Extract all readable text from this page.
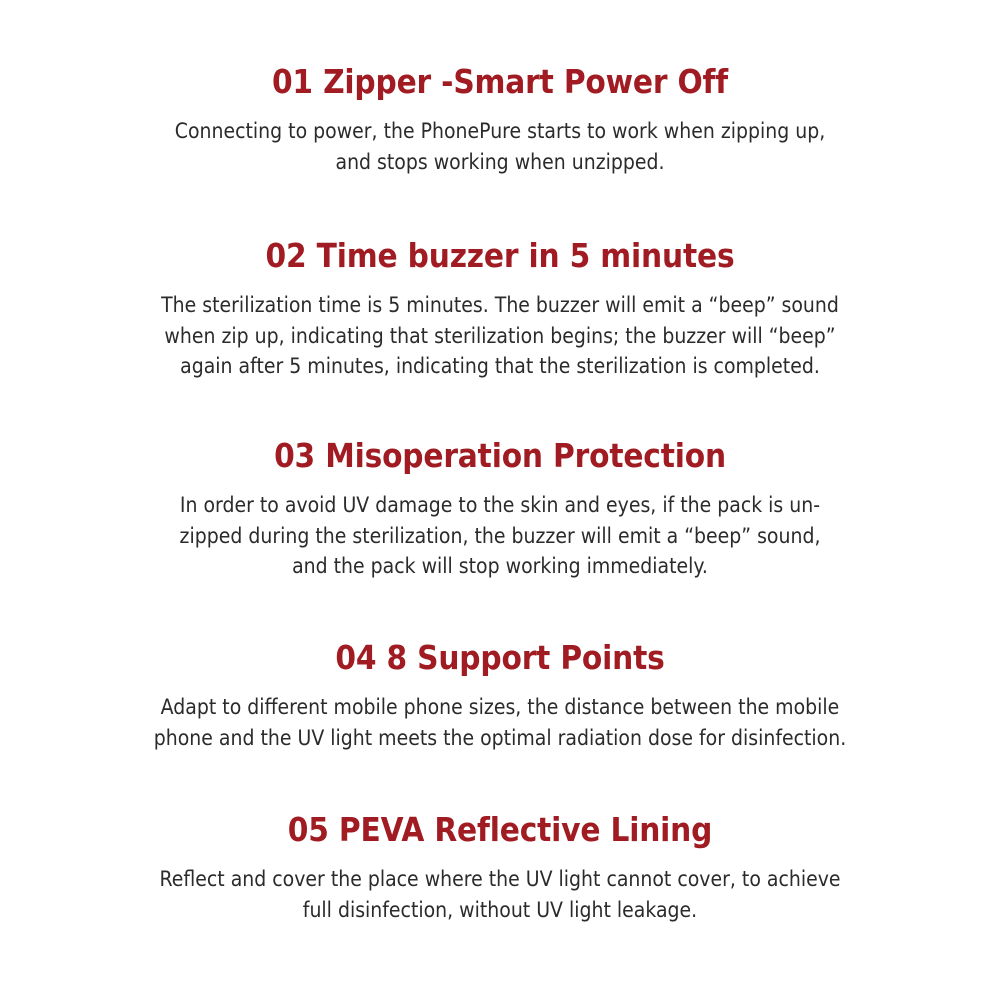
01 Zipper -Smart Power Off
Connecting to power, the PhonePure starts to work when zipping up,
and stops working when unzipped.
02 Time buzzer in 5 minutes
The sterilization time is 5 minutes. The buzzer will emit a “beep” sound
when zip up, indicating that sterilization begins; the buzzer will “beep”
again after 5 minutes, indicating that the sterilization is completed.
03 Misoperation Protection
In order to avoid UV damage to the skin and eyes, if the pack is un-
zipped during the sterilization, the buzzer will emit a “beep” sound,
and the pack will stop working immediately.
04 8 Support Points
Adapt to different mobile phone sizes, the distance between the mobile
phone and the UV light meets the optimal radiation dose for disinfection.
05 PEVA Reflective Lining
Reflect and cover the place where the UV light cannot cover, to achieve
full disinfection, without UV light leakage.
